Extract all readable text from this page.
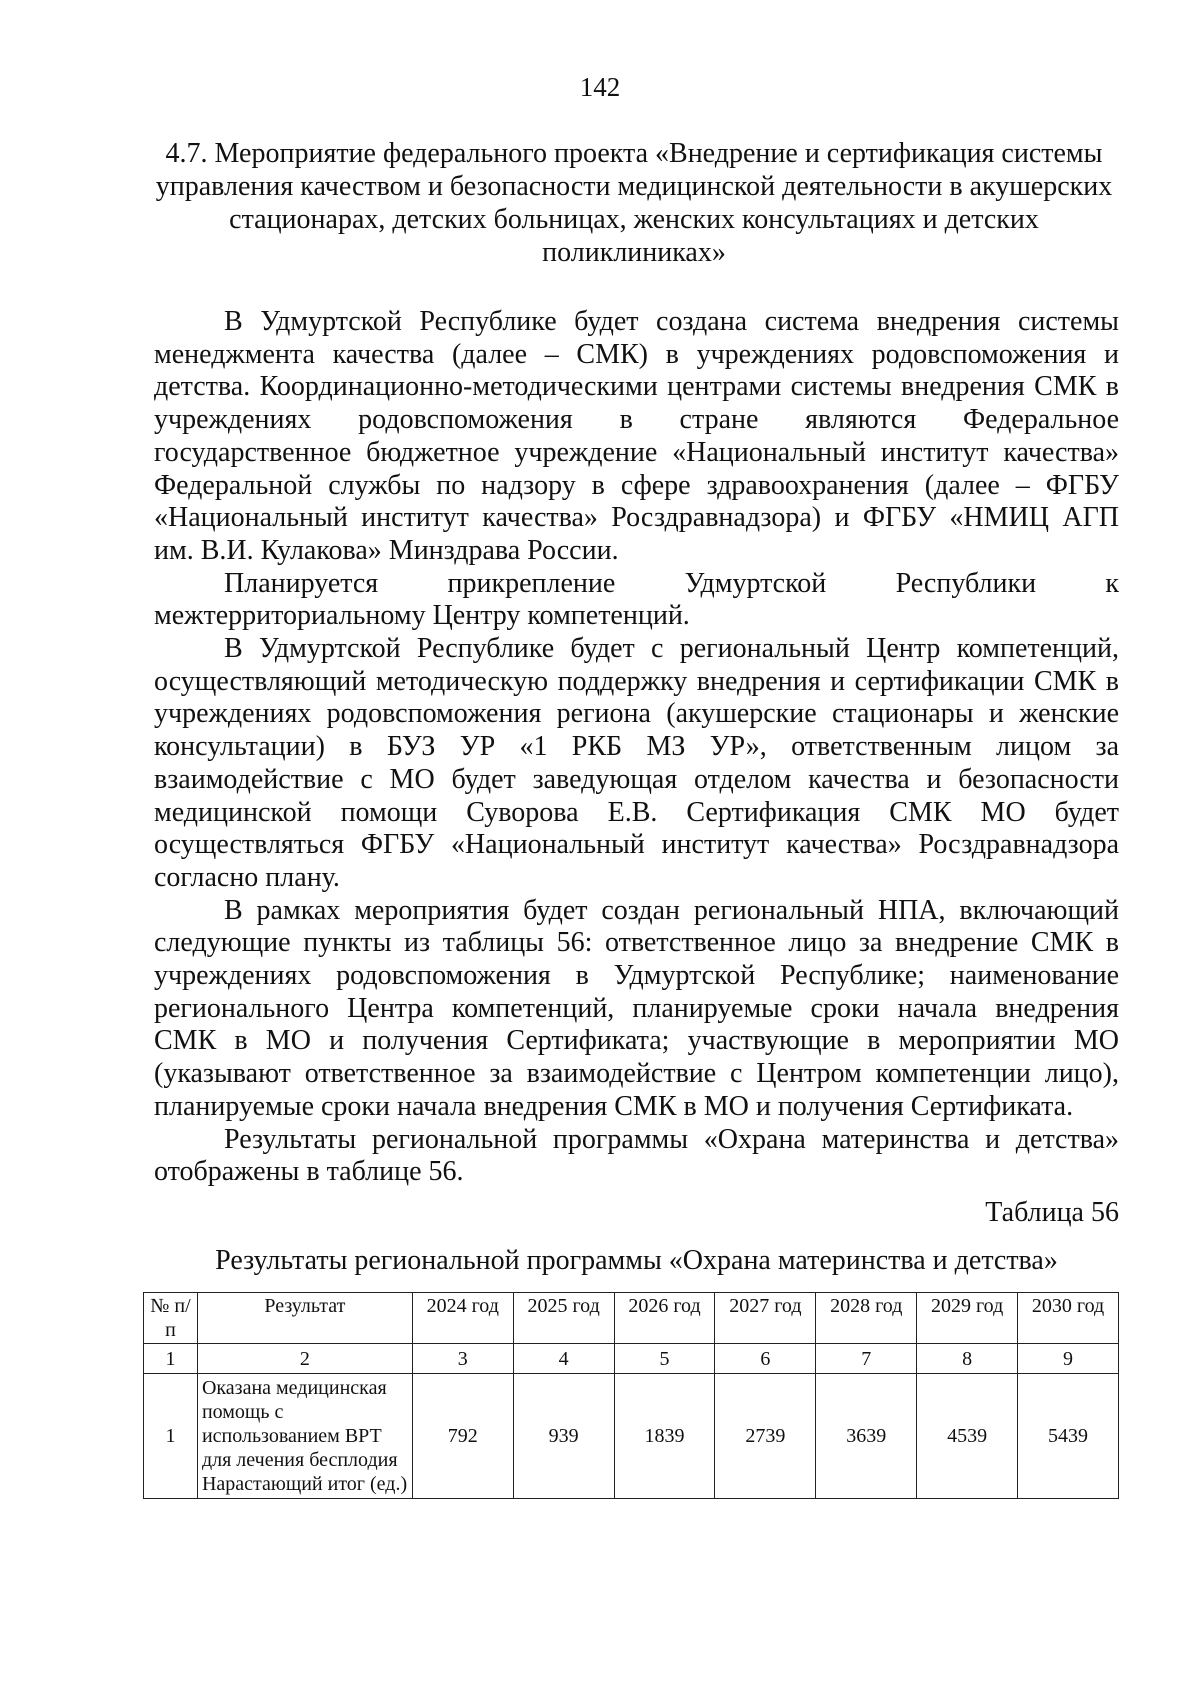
142
4.7. Мероприятие федерального проекта «Внедрение и сертификация системы управления качеством и безопасности медицинской деятельности в акушерских стационарах, детских больницах, женских консультациях и детских поликлиниках»

В Удмуртской Республике будет создана система внедрения системы менеджмента качества (далее – СМК) в учреждениях родовспоможения и детства. Координационно-методическими центрами системы внедрения СМК в учреждениях родовспоможения в стране являются Федеральное государственное бюджетное учреждение «Национальный институт качества» Федеральной службы по надзору в сфере здравоохранения (далее – ФГБУ «Национальный институт качества» Росздравнадзора) и ФГБУ «НМИЦ АГП им. В.И. Кулакова» Минздрава России.

Планируется прикрепление Удмуртской Республики к межтерриториальному Центру компетенций.

В Удмуртской Республике будет с региональный Центр компетенций, осуществляющий методическую поддержку внедрения и сертификации СМК в учреждениях родовспоможения региона (акушерские стационары и женские консультации) в БУЗ УР «1 РКБ МЗ УР», ответственным лицом за взаимодействие с МО будет заведующая отделом качества и безопасности медицинской помощи Суворова Е.В. Сертификация СМК МО будет осуществляться ФГБУ «Национальный институт качества» Росздравнадзора согласно плану.

В рамках мероприятия будет создан региональный НПА, включающий следующие пункты из таблицы 56: ответственное лицо за внедрение СМК в учреждениях родовспоможения в Удмуртской Республике; наименование регионального Центра компетенций, планируемые сроки начала внедрения СМК в МО и получения Сертификата; участвующие в мероприятии МО (указывают ответственное за взаимодействие с Центром компетенции лицо), планируемые сроки начала внедрения СМК в МО и получения Сертификата.

Результаты региональной программы «Охрана материнства и детства» отображены в таблице 56.

Таблица 56
Результаты региональной программы «Охрана материнства и детства»
№ п/п	Результат	2024 год	2025 год	2026 год	2027 год	2028 год	2029 год	2030 год
1	2	3	4	5	6	7	8	9
1	Оказана медицинская помощь с использованием ВРТ для лечения бесплодия Нарастающий итог (ед.)	792	939	1839	2739	3639	4539	5439
